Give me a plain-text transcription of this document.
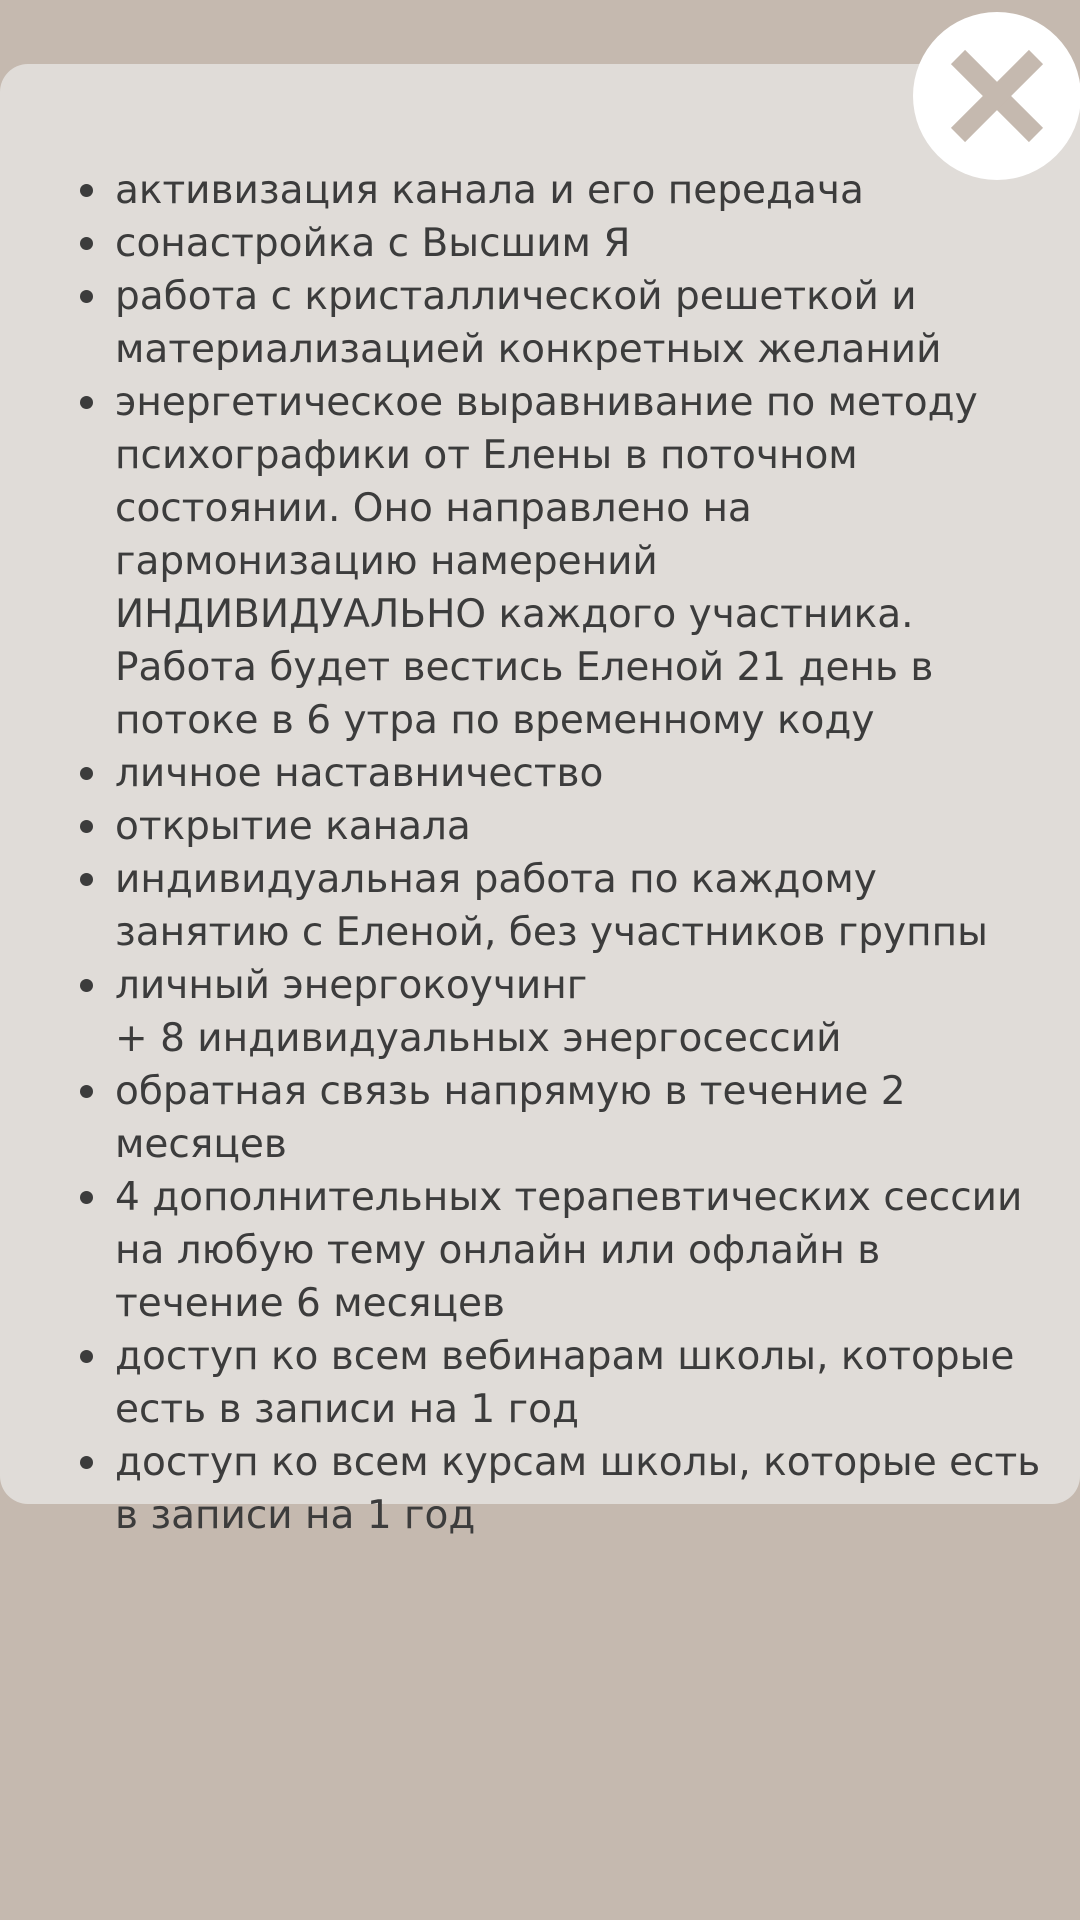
активизация канала и его передача
сонастройка с Высшим Я
работа с кристаллической решеткой и
материализацией конкретных желаний
энергетическое выравнивание по методу
психографики от Елены в поточном
состоянии. Оно направлено на
гармонизацию намерений
ИНДИВИДУАЛЬНО каждого участника.
Работа будет вестись Еленой 21 день в
потоке в 6 утра по временному коду
личное наставничество
открытие канала
индивидуальная работа по каждому
занятию с Еленой, без участников группы
личный энергокоучинг
+ 8 индивидуальных энергосессий
обратная связь напрямую в течение 2
месяцев
4 дополнительных терапевтических сессии
на любую тему онлайн или офлайн в
течение 6 месяцев
доступ ко всем вебинарам школы, которые
есть в записи на 1 год
доступ ко всем курсам школы, которые есть
в записи на 1 год
